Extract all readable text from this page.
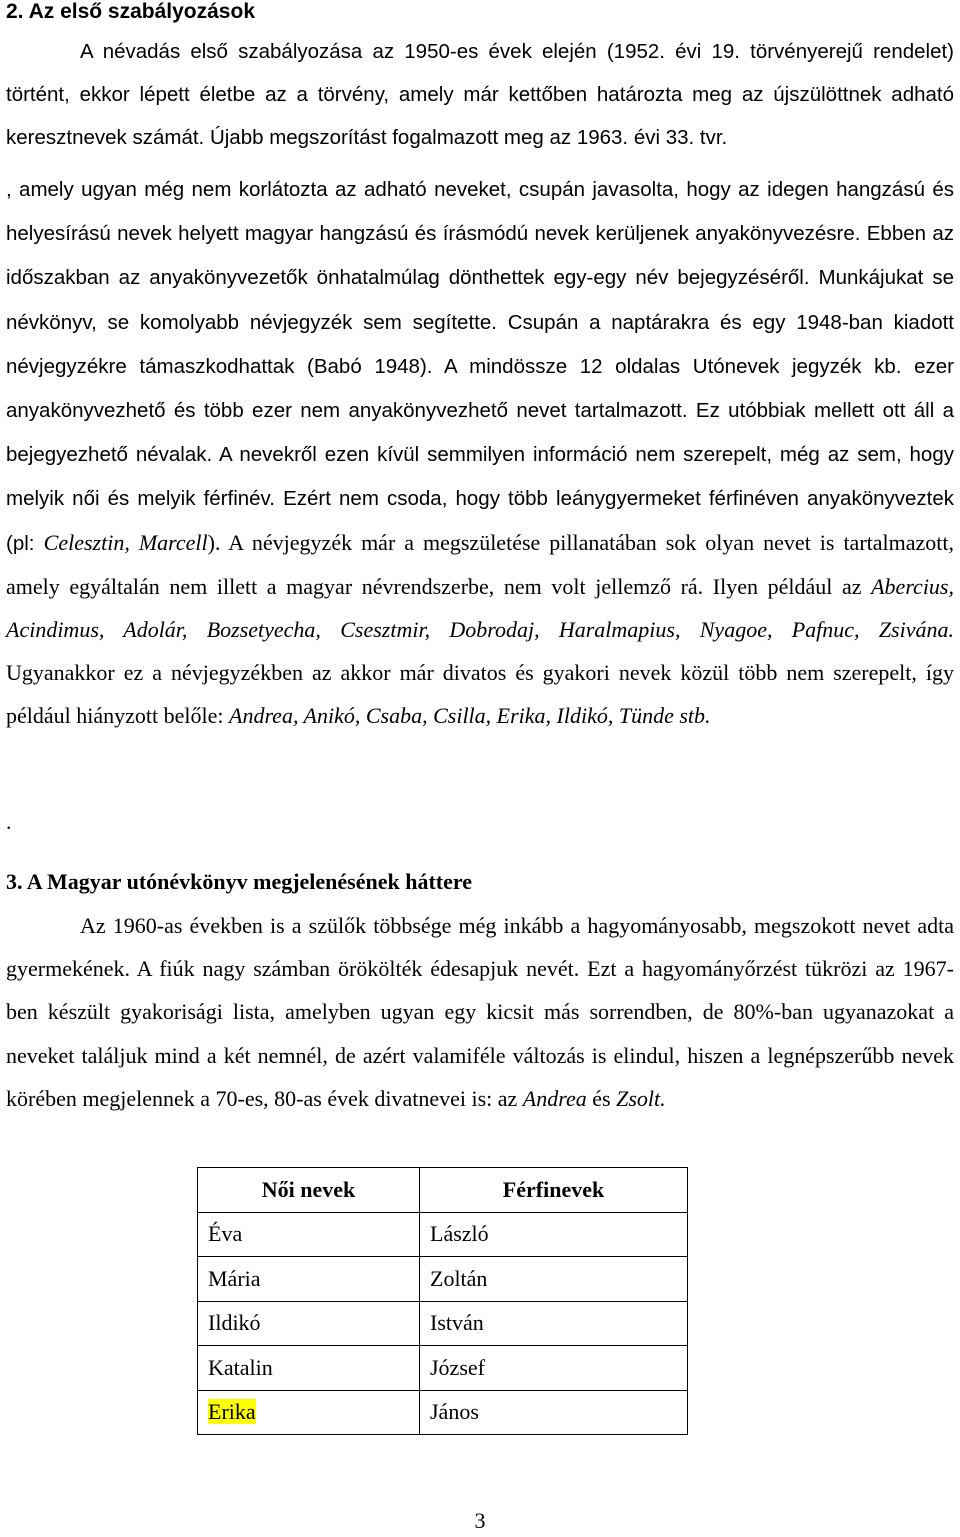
2. Az első szabályozások

A névadás első szabályozása az 1950-es évek elején (1952. évi 19. törvényerejű rendelet) történt, ekkor lépett életbe az a törvény, amely már kettőben határozta meg az újszülöttnek adható keresztnevek számát. Újabb megszorítást fogalmazott meg az 1963. évi 33. tvr.

, amely ugyan még nem korlátozta az adható neveket, csupán javasolta, hogy az idegen hangzású és helyesírású nevek helyett magyar hangzású és írásmódú nevek kerüljenek anyakönyvezésre. Ebben az időszakban az anyakönyvezetők önhatalmúlag dönthettek egy-egy név bejegyzéséről. Munkájukat se névkönyv, se komolyabb névjegyzék sem segítette. Csupán a naptárakra és egy 1948-ban kiadott névjegyzékre támaszkodhattak (Babó 1948). A mindössze 12 oldalas Utónevek jegyzék kb. ezer anyakönyvezhető és több ezer nem anyakönyvezhető nevet tartalmazott. Ez utóbbiak mellett ott áll a bejegyezhető névalak. A nevekről ezen kívül semmilyen információ nem szerepelt, még az sem, hogy melyik női és melyik férfinév. Ezért nem csoda, hogy több leánygyermeket férfinéven anyakönyveztek (pl: Celesztin, Marcell). A névjegyzék már a megszületése pillanatában sok olyan nevet is tartalmazott, amely egyáltalán nem illett a magyar névrendszerbe, nem volt jellemző rá. Ilyen például az Abercius, Acindimus, Adolár, Bozsetyecha, Csesztmir, Dobrodaj, Haralmapius, Nyagoe, Pafnuc, Zsivána. Ugyanakkor ez a névjegyzékben az akkor már divatos és gyakori nevek közül több nem szerepelt, így például hiányzott belőle: Andrea, Anikó, Csaba, Csilla, Erika, Ildikó, Tünde stb.

.
3. A Magyar utónévkönyv megjelenésének háttere

Az 1960-as években is a szülők többsége még inkább a hagyományosabb, megszokott nevet adta gyermekének. A fiúk nagy számban örökölték édesapjuk nevét. Ezt a hagyományőrzést tükrözi az 1967-ben készült gyakorisági lista, amelyben ugyan egy kicsit más sorrendben, de 80%-ban ugyanazokat a neveket találjuk mind a két nemnél, de azért valamiféle változás is elindul, hiszen a legnépszerűbb nevek körében megjelennek a 70-es, 80-as évek divatnevei is: az Andrea és Zsolt.

Női nevek	Férfinevek
Éva	László
Mária	Zoltán
Ildikó	István
Katalin	József
Erika	János
3
